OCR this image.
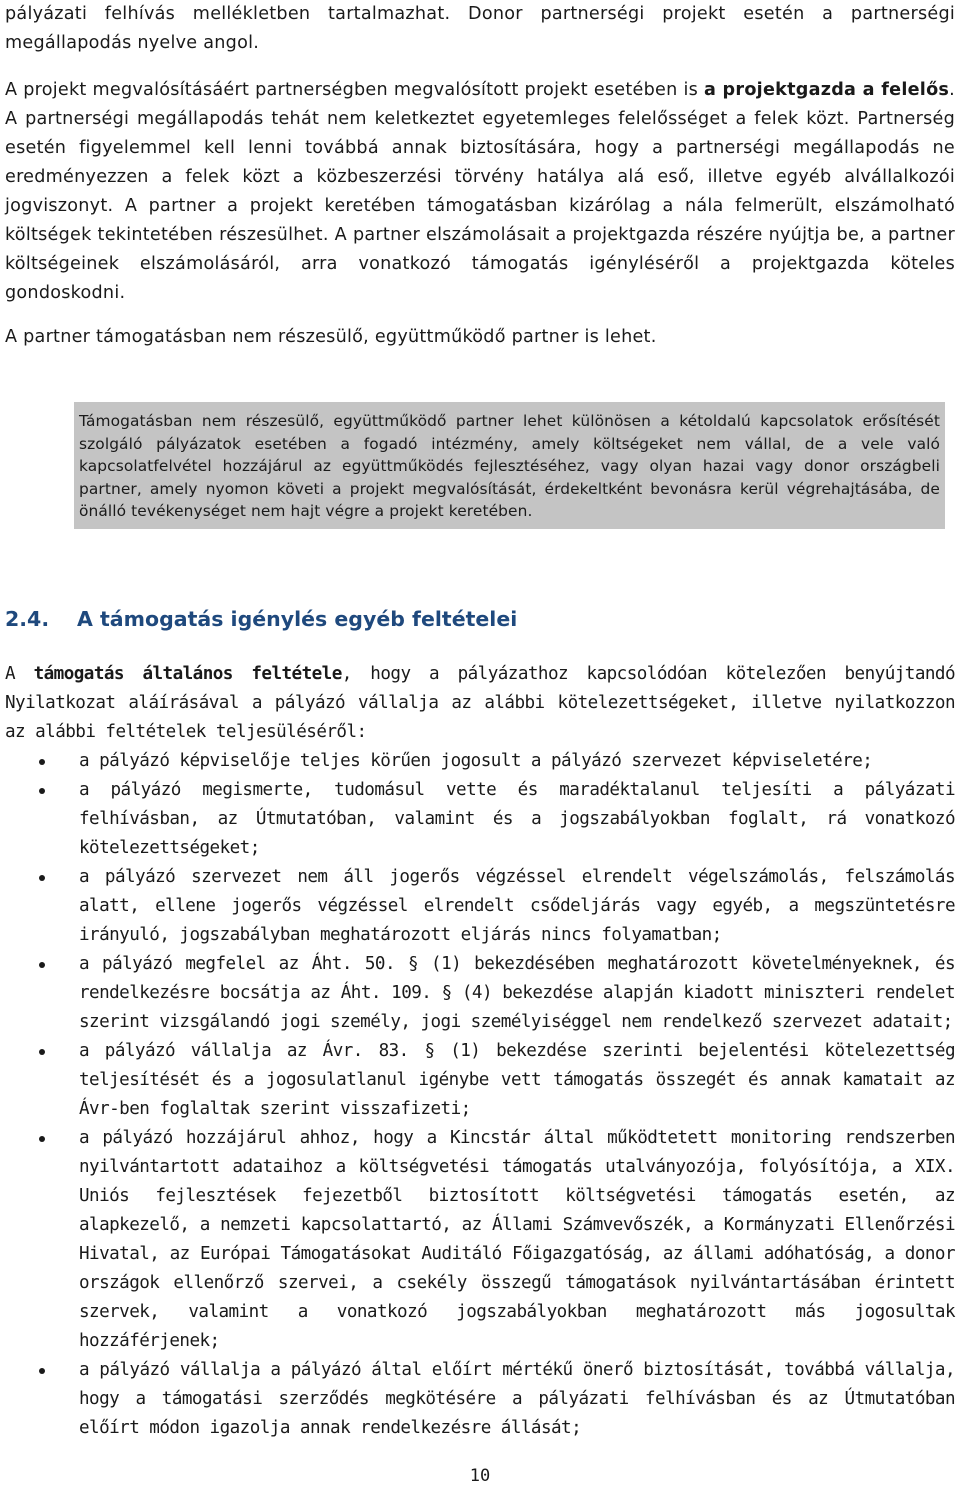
pályázati felhívás mellékletben tartalmazhat. Donor partnerségi projekt esetén a partnerségi megállapodás nyelve angol.

A projekt megvalósításáért partnerségben megvalósított projekt esetében is a projektgazda a felelős. A partnerségi megállapodás tehát nem keletkeztet egyetemleges felelősséget a felek közt. Partnerség esetén figyelemmel kell lenni továbbá annak biztosítására, hogy a partnerségi megállapodás ne eredményezzen a felek közt a közbeszerzési törvény hatálya alá eső, illetve egyéb alvállalkozói jogviszonyt. A partner a projekt keretében támogatásban kizárólag a nála felmerült, elszámolható költségek tekintetében részesülhet. A partner elszámolásait a projektgazda részére nyújtja be, a partner költségeinek elszámolásáról, arra vonatkozó támogatás igényléséről a projektgazda köteles gondoskodni.

A partner támogatásban nem részesülő, együttműködő partner is lehet.

Támogatásban nem részesülő, együttműködő partner lehet különösen a kétoldalú kapcsolatok erősítését szolgáló pályázatok esetében a fogadó intézmény, amely költségeket nem vállal, de a vele való kapcsolatfelvétel hozzájárul az együttműködés fejlesztéséhez, vagy olyan hazai vagy donor országbeli partner, amely nyomon követi a projekt megvalósítását, érdekeltként bevonásra kerül végrehajtásába, de önálló tevékenységet nem hajt végre a projekt keretében.
2.4. A támogatás igénylés egyéb feltételei

A támogatás általános feltétele, hogy a pályázathoz kapcsolódóan kötelezően benyújtandó Nyilatkozat aláírásával a pályázó vállalja az alábbi kötelezettségeket, illetve nyilatkozzon az alábbi feltételek teljesüléséről:

a pályázó képviselője teljes körűen jogosult a pályázó szervezet képviseletére;
a pályázó megismerte, tudomásul vette és maradéktalanul teljesíti a pályázati felhívásban, az Útmutatóban, valamint és a jogszabályokban foglalt, rá vonatkozó kötelezettségeket;
a pályázó szervezet nem áll jogerős végzéssel elrendelt végelszámolás, felszámolás alatt, ellene jogerős végzéssel elrendelt csődeljárás vagy egyéb, a megszüntetésre irányuló, jogszabályban meghatározott eljárás nincs folyamatban;
a pályázó megfelel az Áht. 50. § (1) bekezdésében meghatározott követelményeknek, és rendelkezésre bocsátja az Áht. 109. § (4) bekezdése alapján kiadott miniszteri rendelet szerint vizsgálandó jogi személy, jogi személyiséggel nem rendelkező szervezet adatait;
a pályázó vállalja az Ávr. 83. § (1) bekezdése szerinti bejelentési kötelezettség teljesítését és a jogosulatlanul igénybe vett támogatás összegét és annak kamatait az Ávr-ben foglaltak szerint visszafizeti;
a pályázó hozzájárul ahhoz, hogy a Kincstár által működtetett monitoring rendszerben nyilvántartott adataihoz a költségvetési támogatás utalványozója, folyósítója, a XIX. Uniós fejlesztések fejezetből biztosított költségvetési támogatás esetén, az alapkezelő, a nemzeti kapcsolattartó, az Állami Számvevőszék, a Kormányzati Ellenőrzési Hivatal, az Európai Támogatásokat Auditáló Főigazgatóság, az állami adóhatóság, a donor országok ellenőrző szervei, a csekély összegű támogatások nyilvántartásában érintett szervek, valamint a vonatkozó jogszabályokban meghatározott más jogosultak hozzáférjenek;
a pályázó vállalja a pályázó által előírt mértékű önerő biztosítását, továbbá vállalja, hogy a támogatási szerződés megkötésére a pályázati felhívásban és az Útmutatóban előírt módon igazolja annak rendelkezésre állását;
10
